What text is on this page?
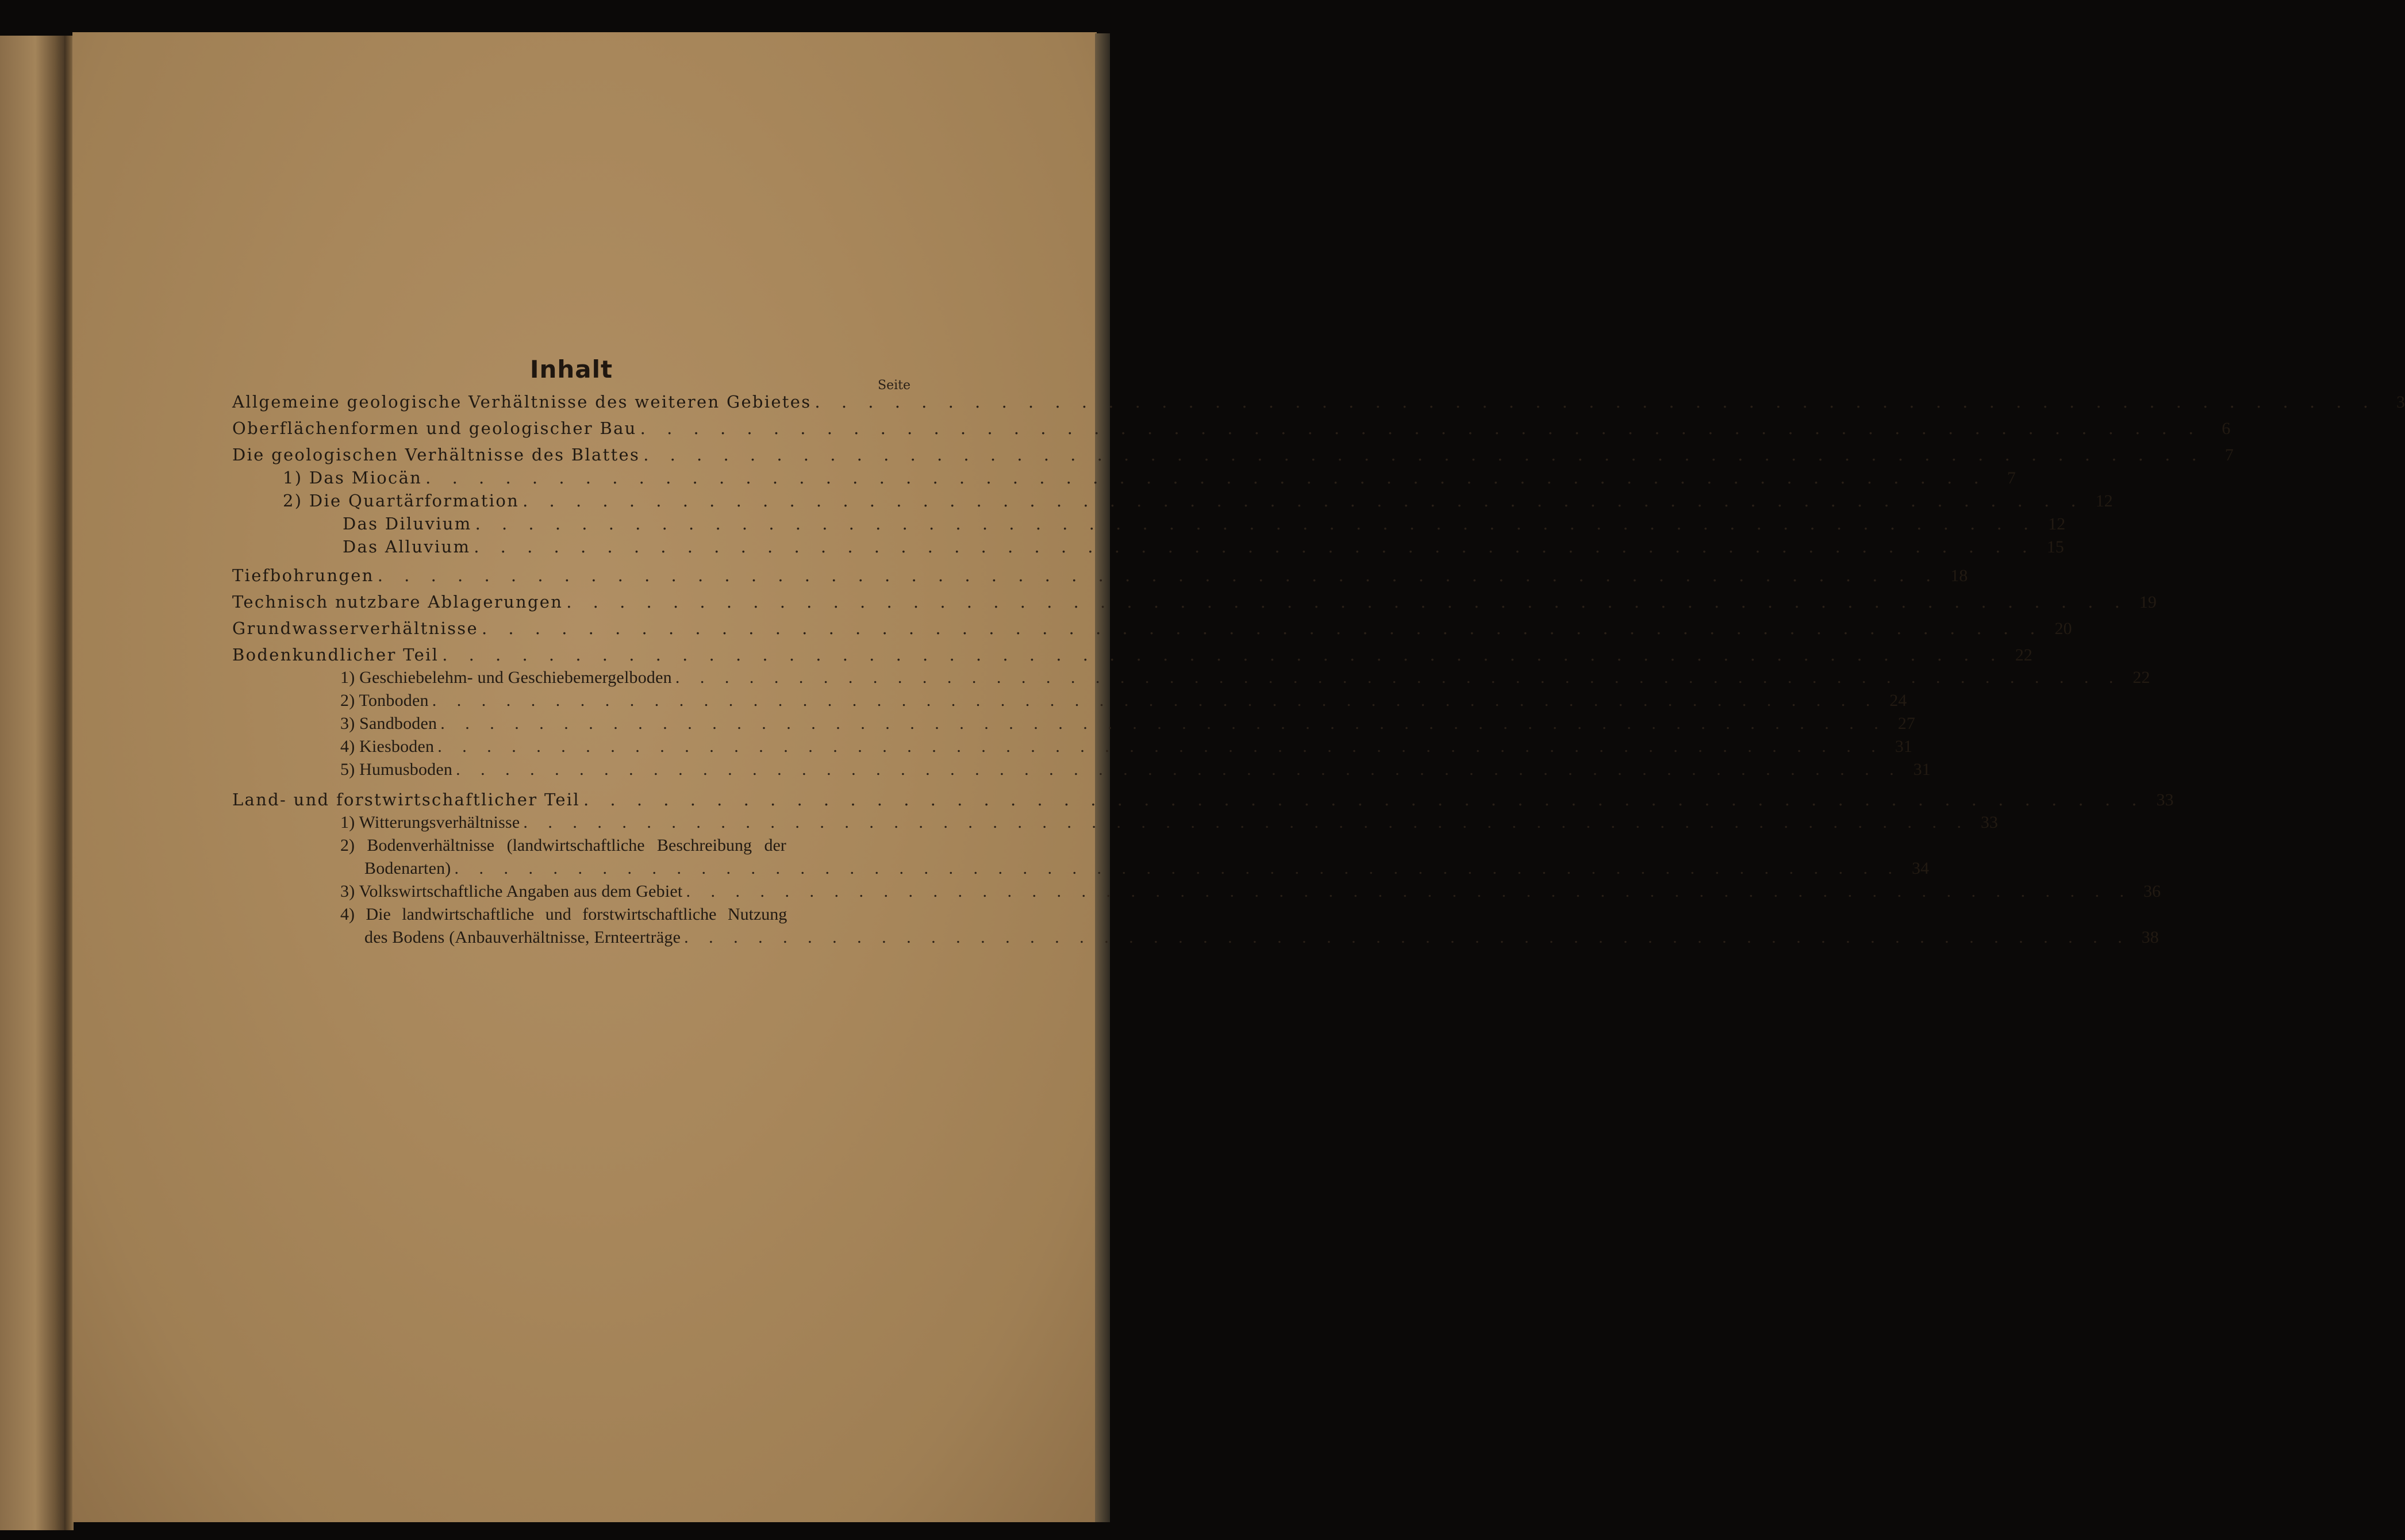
Inhalt
Seite
Allgemeine geologische Verhältnisse des weiteren Gebietes . . . . . . . . . . . . . . . . . . . . . . . . . . . . . . . . . . . . . . . . . . . . . . . . . . . . . . . . . . .	3
Oberflächenformen und geologischer Bau . . . . . . . . . . . . . . . . . . . . . . . . . . . . . . . . . . . . . . . . . . . . . . . . . . . . . . . . . . .	6
Die geologischen Verhältnisse des Blattes . . . . . . . . . . . . . . . . . . . . . . . . . . . . . . . . . . . . . . . . . . . . . . . . . . . . . . . . . . .	7
1) Das Miocän . . . . . . . . . . . . . . . . . . . . . . . . . . . . . . . . . . . . . . . . . . . . . . . . . . . . . . . . . . .	7
2) Die Quartärformation . . . . . . . . . . . . . . . . . . . . . . . . . . . . . . . . . . . . . . . . . . . . . . . . . . . . . . . . . . . 12
Das Diluvium . . . . . . . . . . . . . . . . . . . . . . . . . . . . . . . . . . . . . . . . . . . . . . . . . . . . . . . . . . . 12
Das Alluvium . . . . . . . . . . . . . . . . . . . . . . . . . . . . . . . . . . . . . . . . . . . . . . . . . . . . . . . . . . . 15
Tiefbohrungen . . . . . . . . . . . . . . . . . . . . . . . . . . . . . . . . . . . . . . . . . . . . . . . . . . . . . . . . . . . 18
Technisch nutzbare Ablagerungen . . . . . . . . . . . . . . . . . . . . . . . . . . . . . . . . . . . . . . . . . . . . . . . . . . . . . . . . . . . 19
Grundwasserverhältnisse . . . . . . . . . . . . . . . . . . . . . . . . . . . . . . . . . . . . . . . . . . . . . . . . . . . . . . . . . . . 20
Bodenkundlicher Teil . . . . . . . . . . . . . . . . . . . . . . . . . . . . . . . . . . . . . . . . . . . . . . . . . . . . . . . . . . . 22
1) Geschiebelehm- und Geschiebemergelboden . . . . . . . . . . . . . . . . . . . . . . . . . . . . . . . . . . . . . . . . . . . . . . . . . . . . . . . . . . . 22
2) Tonboden . . . . . . . . . . . . . . . . . . . . . . . . . . . . . . . . . . . . . . . . . . . . . . . . . . . . . . . . . . . 24
3) Sandboden . . . . . . . . . . . . . . . . . . . . . . . . . . . . . . . . . . . . . . . . . . . . . . . . . . . . . . . . . . . 27
4) Kiesboden . . . . . . . . . . . . . . . . . . . . . . . . . . . . . . . . . . . . . . . . . . . . . . . . . . . . . . . . . . . 31
5) Humusboden . . . . . . . . . . . . . . . . . . . . . . . . . . . . . . . . . . . . . . . . . . . . . . . . . . . . . . . . . . . 31
Land- und forstwirtschaftlicher Teil . . . . . . . . . . . . . . . . . . . . . . . . . . . . . . . . . . . . . . . . . . . . . . . . . . . . . . . . . . . 33
1) Witterungsverhältnisse . . . . . . . . . . . . . . . . . . . . . . . . . . . . . . . . . . . . . . . . . . . . . . . . . . . . . . . . . . . 33
2) Bodenverhältnisse (landwirtschaftliche Beschreibung der
Bodenarten) . . . . . . . . . . . . . . . . . . . . . . . . . . . . . . . . . . . . . . . . . . . . . . . . . . . . . . . . . . . 34
3) Volkswirtschaftliche Angaben aus dem Gebiet . . . . . . . . . . . . . . . . . . . . . . . . . . . . . . . . . . . . . . . . . . . . . . . . . . . . . . . . . . . 36
4) Die landwirtschaftliche und forstwirtschaftliche Nutzung
des Bodens (Anbauverhältnisse, Ernteerträge . . . . . . . . . . . . . . . . . . . . . . . . . . . . . . . . . . . . . . . . . . . . . . . . . . . . . . . . . . . 38
